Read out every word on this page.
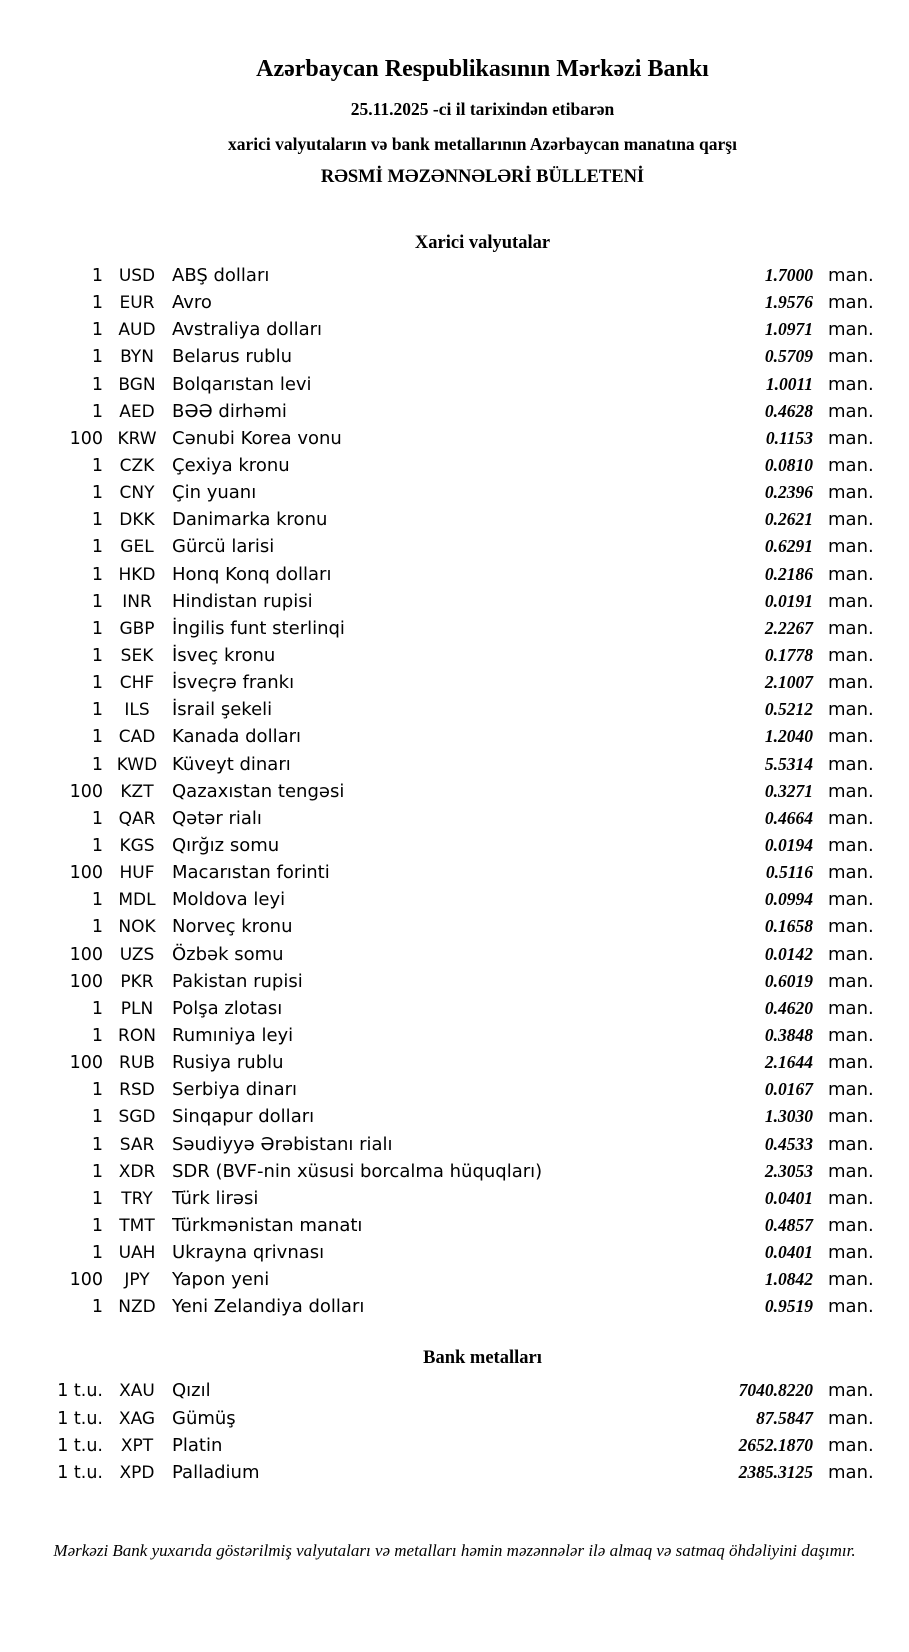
Azərbaycan Respublikasının Mərkəzi Bankı
25.11.2025 -ci il tarixindən etibarən
xarici valyutaların və bank metallarının Azərbaycan manatına qarşı
RƏSMİ MƏZƏNNƏLƏRİ BÜLLETENİ
Xarici valyutalar
1 USD ABŞ dolları	1.7000 man.
1 EUR Avro	1.9576 man.
1 AUD Avstraliya dolları	1.0971 man.
1	BYN	Belarus rublu	0.5709 man.
1 BGN Bolqarıstan levi	1.0011 man.
1 AED BƏƏ dirhəmi	0.4628 man.
100 KRW Cənubi Korea vonu	0.1153 man.
1 CZK Çexiya kronu	0.0810 man.
1 CNY Çin yuanı	0.2396 man.
1 DKK Danimarka kronu	0.2621 man.
1	GEL	Gürcü larisi	0.6291 man.
1 HKD Honq Konq dolları	0.2186 man.
1	INR	Hindistan rupisi	0.0191 man.
1 GBP İngilis funt sterlinqi	2.2267 man.
1	SEK	İsveç kronu	0.1778 man.
1 CHF İsveçrə frankı	2.1007 man.
1	ILS	İsrail şekeli	0.5212 man.
1 CAD Kanada dolları	1.2040 man.
1 KWD Küveyt dinarı	5.5314 man.
100	KZT	Qazaxıstan tengəsi	0.3271 man.
1 QAR Qətər rialı	0.4664 man.
1 KGS Qırğız somu	0.0194 man.
100 HUF Macarıstan forinti	0.5116 man.
1 MDL Moldova leyi	0.0994 man.
1 NOK Norveç kronu	0.1658 man.
100 UZS Özbək somu	0.0142 man.
100	PKR	Pakistan rupisi	0.6019 man.
1	PLN	Polşa zlotası	0.4620 man.
1 RON Rumıniya leyi	0.3848 man.
100 RUB Rusiya rublu	2.1644 man.
1 RSD Serbiya dinarı	0.0167 man.
1 SGD Sinqapur dolları	1.3030 man.
1 SAR Səudiyyə Ərəbistanı rialı	0.4533 man.
1 XDR SDR (BVF-nin xüsusi borcalma hüquqları)	2.3053 man.
1	TRY	Türk lirəsi	0.0401 man.
1 TMT Türkmənistan manatı	0.4857 man.
1 UAH Ukrayna qrivnası	0.0401 man.
100	JPY	Yapon yeni	1.0842 man.
1 NZD Yeni Zelandiya dolları	0.9519 man.
Bank metalları
1 t.u. XAU Qızıl	7040.8220 man.
1 t.u. XAG Gümüş	87.5847 man.
1 t.u.	XPT	Platin	2652.1870 man.
1 t.u. XPD Palladium	2385.3125 man.
Mərkəzi Bank yuxarıda göstərilmiş valyutaları və metalları həmin məzənnələr ilə almaq və satmaq öhdəliyini daşımır.
